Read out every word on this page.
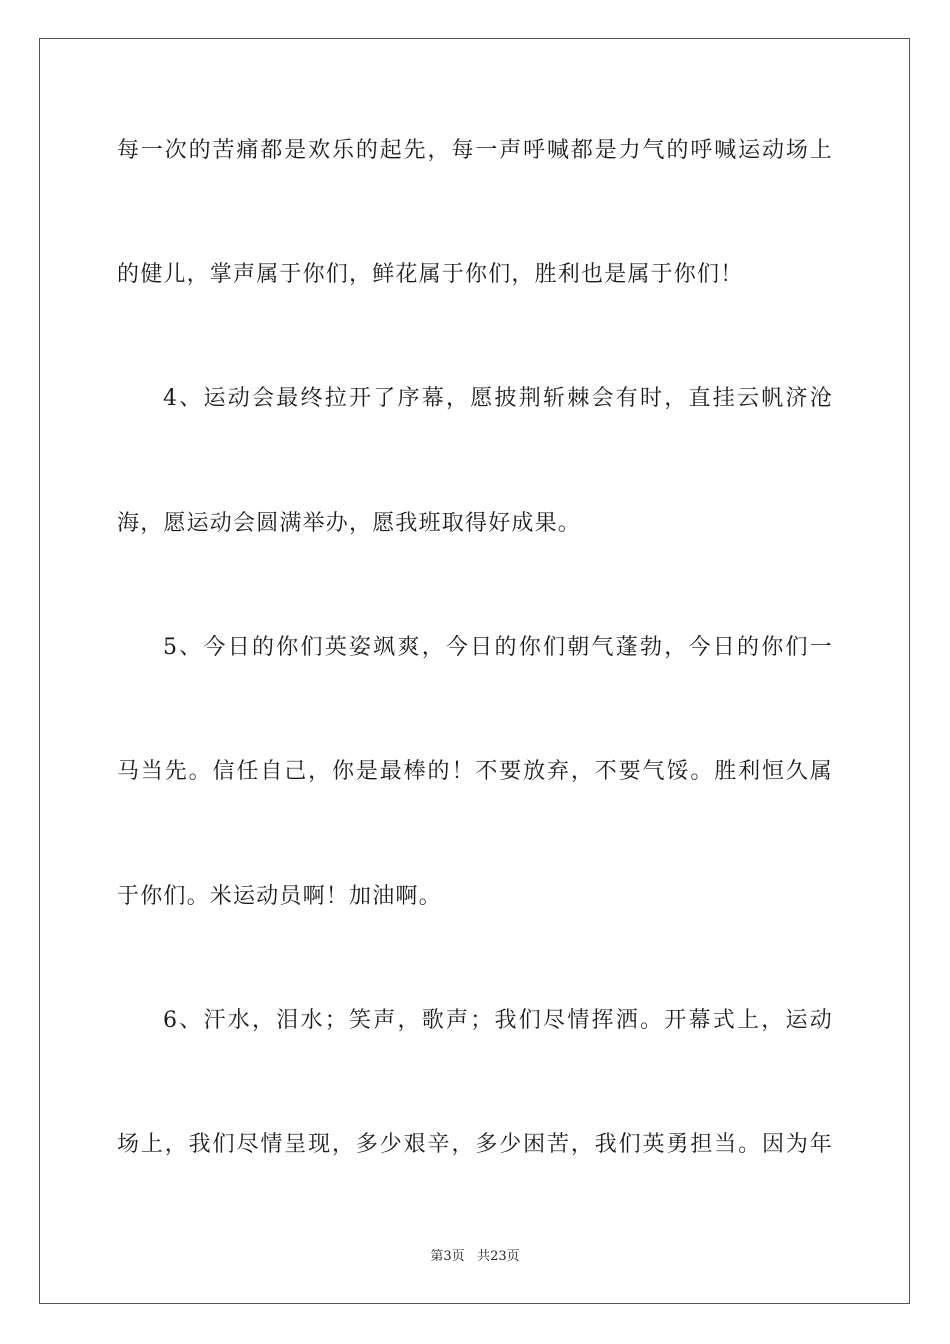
每一次的苦痛都是欢乐的起先，每一声呼喊都是力气的呼喊运动场上
的健儿，掌声属于你们，鲜花属于你们，胜利也是属于你们！
4、运动会最终拉开了序幕，愿披荆斩棘会有时，直挂云帆济沧
海，愿运动会圆满举办，愿我班取得好成果。
5、今日的你们英姿飒爽，今日的你们朝气蓬勃，今日的你们一
马当先。信任自己，你是最棒的！不要放弃，不要气馁。胜利恒久属
于你们。米运动员啊！加油啊。
6、汗水，泪水；笑声，歌声；我们尽情挥洒。开幕式上，运动
场上，我们尽情呈现，多少艰辛，多少困苦，我们英勇担当。因为年
第3页 共23页
